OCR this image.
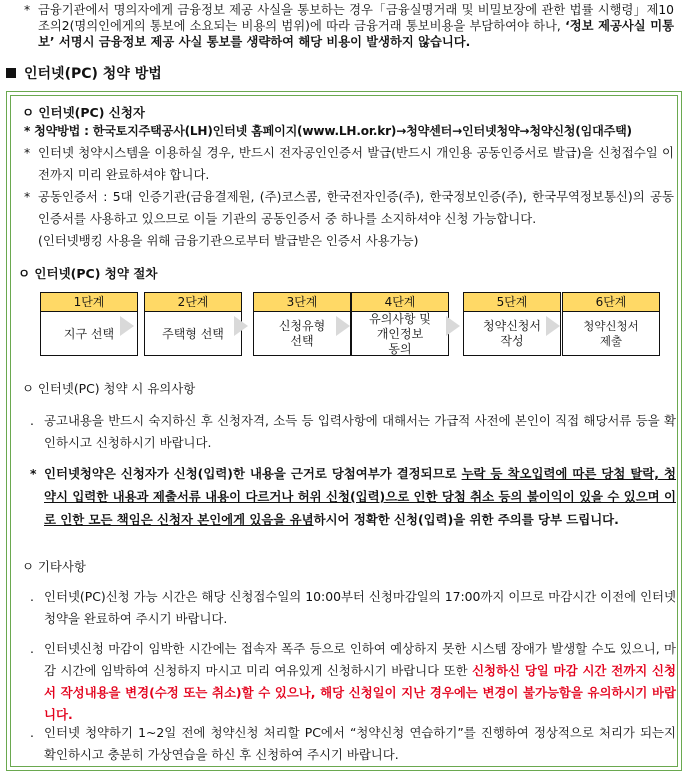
* 금융기관에서 명의자에게 금융정보 제공 사실을 통보하는 경우「금융실명거래 및 비밀보장에 관한 법률 시행령」제10조의2(명의인에게의 통보에 소요되는 비용의 범위)에 따라 금융거래 통보비용을 부담하여야 하나, ‘정보 제공사실 미통보’ 서명시 금융정보 제공 사실 통보를 생략하여 해당 비용이 발생하지 않습니다.
인터넷(PC) 청약 방법
ㅇ 인터넷(PC) 신청자
* 청약방법 : 한국토지주택공사(LH)인터넷 홈페이지(www.LH.or.kr)→청약센터→인터넷청약→청약신청(임대주택)
* 인터넷 청약시스템을 이용하실 경우, 반드시 전자공인인증서 발급(반드시 개인용 공동인증서로 발급)을 신청접수일 이전까지 미리 완료하셔야 합니다.
* 공동인증서 : 5대 인증기관(금융결제원, (주)코스콤, 한국전자인증(주), 한국정보인증(주), 한국무역정보통신)의 공동인증서를 사용하고 있으므로 이들 기관의 공동인증서 중 하나를 소지하셔야 신청 가능합니다.
(인터넷뱅킹 사용을 위해 금융기관으로부터 발급받은 인증서 사용가능)
ㅇ 인터넷(PC) 청약 절차
1단계
지구 선택
2단계
주택형 선택
3단계
신청유형
선택
4단계
유의사항 및
개인정보
동의
5단계
청약신청서
작성
6단계
청약신청서
제출
ㅇ 인터넷(PC) 청약 시 유의사항
. 공고내용을 반드시 숙지하신 후 신청자격, 소득 등 입력사항에 대해서는 가급적 사전에 본인이 직접 해당서류 등을 확인하시고 신청하시기 바랍니다.
* 인터넷청약은 신청자가 신청(입력)한 내용을 근거로 당첨여부가 결정되므로 누락 등 착오입력에 따른 당첨 탈락, 청약시 입력한 내용과 제출서류 내용이 다르거나 허위 신청(입력)으로 인한 당첨 취소 등의 불이익이 있을 수 있으며 이로 인한 모든 책임은 신청자 본인에게 있음을 유념하시어 정확한 신청(입력)을 위한 주의를 당부 드립니다.
ㅇ 기타사항
. 인터넷(PC)신청 가능 시간은 해당 신청접수일의 10:00부터 신청마감일의 17:00까지 이므로 마감시간 이전에 인터넷 청약을 완료하여 주시기 바랍니다.
. 인터넷신청 마감이 임박한 시간에는 접속자 폭주 등으로 인하여 예상하지 못한 시스템 장애가 발생할 수도 있으니, 마감 시간에 임박하여 신청하지 마시고 미리 여유있게 신청하시기 바랍니다 또한 신청하신 당일 마감 시간 전까지 신청서 작성내용을 변경(수정 또는 취소)할 수 있으나, 해당 신청일이 지난 경우에는 변경이 불가능함을 유의하시기 바랍니다.
. 인터넷 청약하기 1~2일 전에 청약신청 처리할 PC에서 “청약신청 연습하기”를 진행하여 정상적으로 처리가 되는지 확인하시고 충분히 가상연습을 하신 후 신청하여 주시기 바랍니다.
